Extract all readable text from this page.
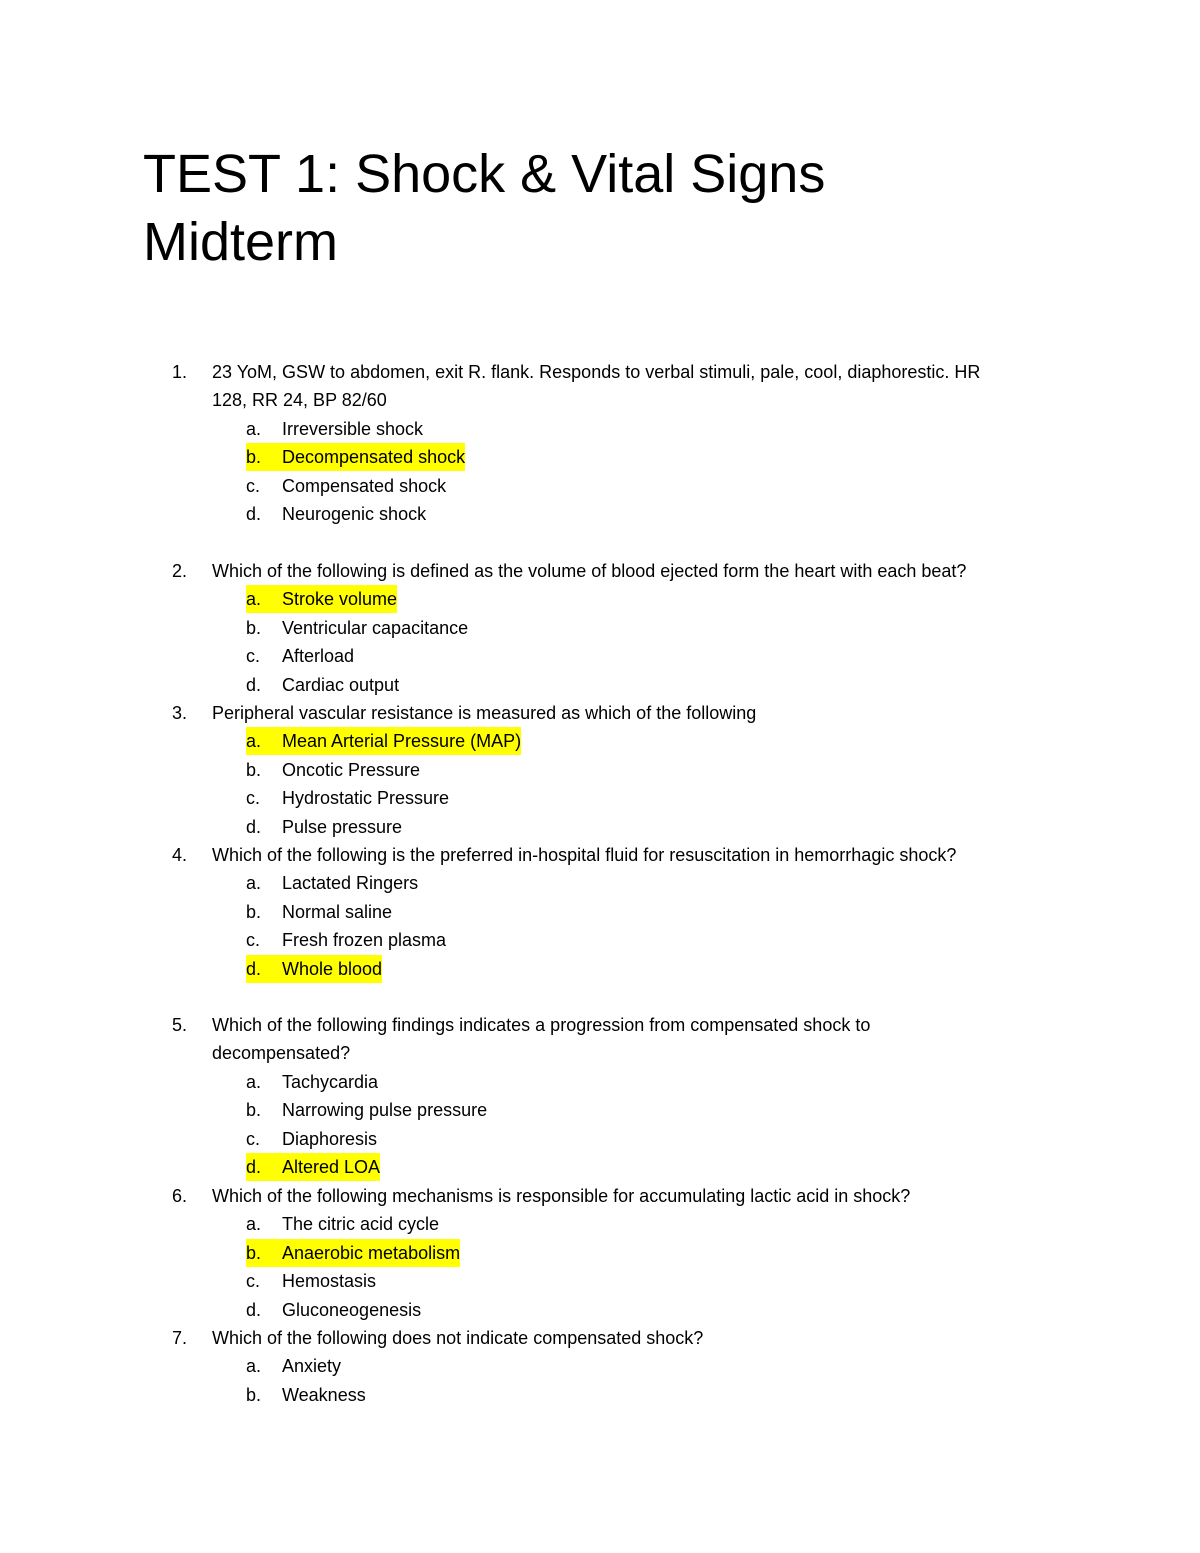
TEST 1: Shock & Vital Signs
Midterm
1.	23 YoM, GSW to abdomen, exit R. flank. Responds to verbal stimuli, pale, cool, diaphorestic. HR
128, RR 24, BP 82/60
a.	Irreversible shock
b.	Decompensated shock
c.	Compensated shock
d.	Neurogenic shock
2.	Which of the following is defined as the volume of blood ejected form the heart with each beat?
a.	Stroke volume
b.	Ventricular capacitance
c.	Afterload
d.	Cardiac output
3.	Peripheral vascular resistance is measured as which of the following
a.	Mean Arterial Pressure (MAP)
b.	Oncotic Pressure
c.	Hydrostatic Pressure
d.	Pulse pressure
4.	Which of the following is the preferred in-hospital fluid for resuscitation in hemorrhagic shock?
a.	Lactated Ringers
b.	Normal saline
c.	Fresh frozen plasma
d.	Whole blood
5.	Which of the following findings indicates a progression from compensated shock to
decompensated?
a.	Tachycardia
b.	Narrowing pulse pressure
c.	Diaphoresis
d.	Altered LOA
6.	Which of the following mechanisms is responsible for accumulating lactic acid in shock?
a.	The citric acid cycle
b.	Anaerobic metabolism
c.	Hemostasis
d.	Gluconeogenesis
7.	Which of the following does not indicate compensated shock?
a.	Anxiety
b.	Weakness
